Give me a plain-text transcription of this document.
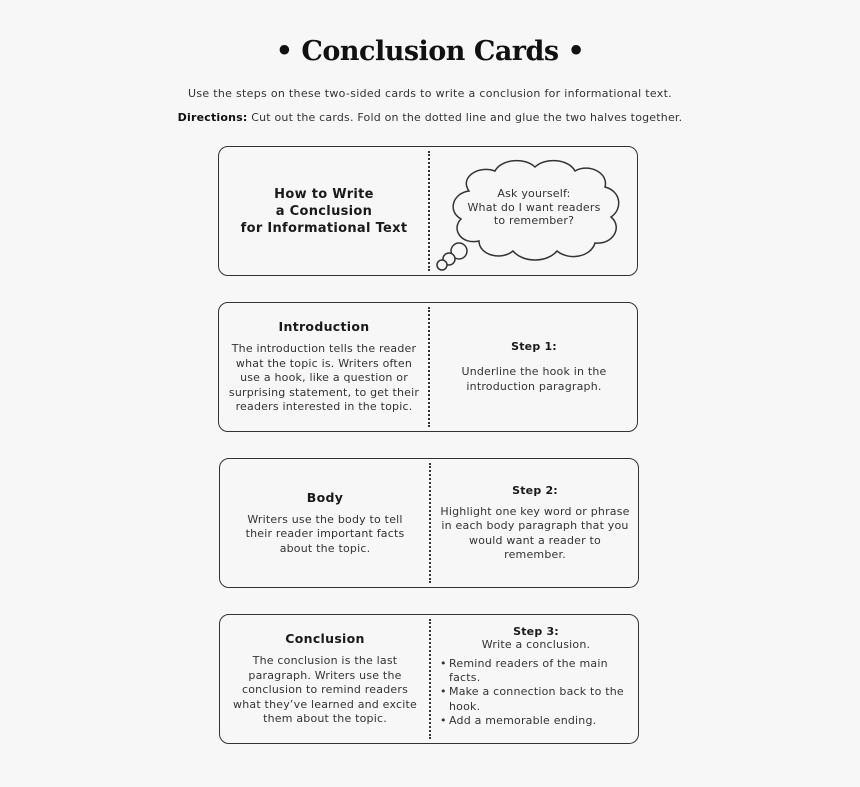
• Conclusion Cards •
Use the steps on these two-sided cards to write a conclusion for informational text.
Directions: Cut out the cards. Fold on the dotted line and glue the two halves together.
How to Write
a Conclusion
for Informational Text
Ask yourself:
What do I want readers
to remember?
Introduction
The introduction tells the reader what the topic is. Writers often use a hook, like a question or surprising statement, to get their readers interested in the topic.
Step 1:
Underline the hook in the introduction paragraph.
Body
Writers use the body to tell their reader important facts about the topic.
Step 2:
Highlight one key word or phrase in each body paragraph that you would want a reader to remember.
Conclusion
The conclusion is the last paragraph. Writers use the conclusion to remind readers what they’ve learned and excite them about the topic.
Step 3:
Write a conclusion.
• Remind readers of the main facts.
• Make a connection back to the hook.
• Add a memorable ending.
